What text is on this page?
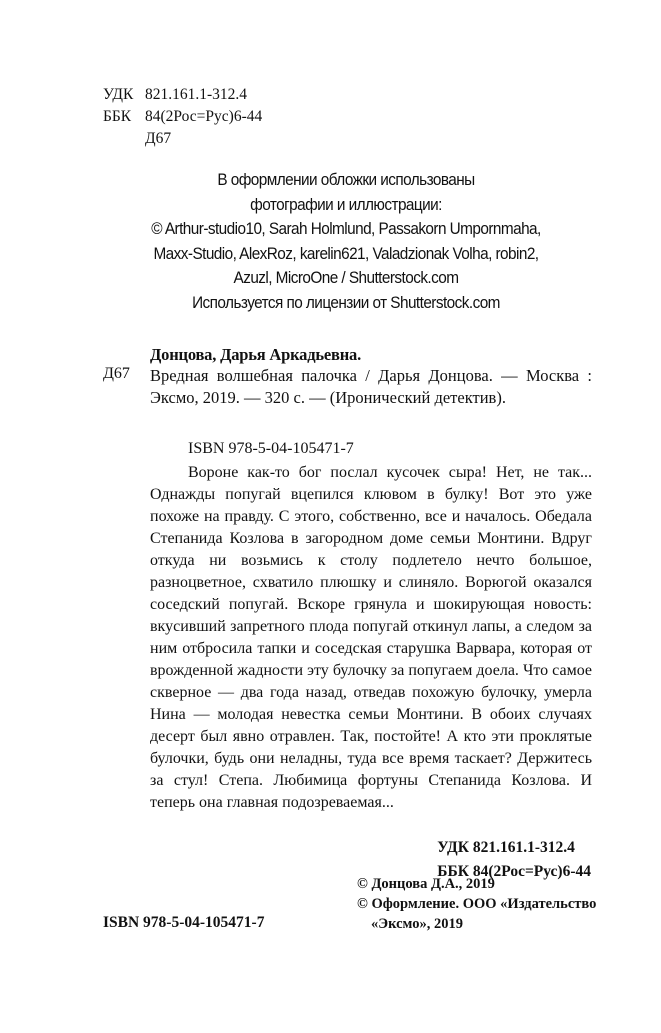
УДК 821.161.1-312.4
ББК 84(2Рос=Рус)6-44
Д67
В оформлении обложки использованы
фотографии и иллюстрации:
© Arthur-studio10, Sarah Holmlund, Passakorn Umpornmaha,
Maxx-Studio, AlexRoz, karelin621, Valadzionak Volha, robin2,
Azuzl, MicroOne / Shutterstock.com
Используется по лицензии от Shutterstock.com
Донцова, Дарья Аркадьевна.
Д67 Вредная волшебная палочка / Дарья Донцова. — Москва : Эксмо, 2019. — 320 с. — (Иронический детектив).
ISBN 978-5-04-105471-7
Вороне как-то бог послал кусочек сыра! Нет, не так... Однажды попугай вцепился клювом в булку! Вот это уже похоже на правду. С этого, собственно, все и началось. Обедала Степанида Козлова в загородном доме семьи Монтини. Вдруг откуда ни возьмись к столу подлетело нечто большое, разноцветное, схватило плюшку и слиняло. Ворюгой оказался соседский попугай. Вскоре грянула и шокирующая новость: вкусивший запретного плода попугай откинул лапы, а следом за ним отбросила тапки и соседская старушка Варвара, которая от врожденной жадности эту булочку за попугаем доела. Что самое скверное — два года назад, отведав похожую булочку, умерла Нина — молодая невестка семьи Монтини. В обоих случаях десерт был явно отравлен. Так, постойте! А кто эти проклятые булочки, будь они неладны, туда все время таскает? Держитесь за стул! Степа. Любимица фортуны Степанида Козлова. И теперь она главная подозреваемая...
УДК 821.161.1-312.4
ББК 84(2Рос=Рус)6-44
© Донцова Д.А., 2019
© Оформление. ООО «Издательство
«Эксмо», 2019
ISBN 978-5-04-105471-7
